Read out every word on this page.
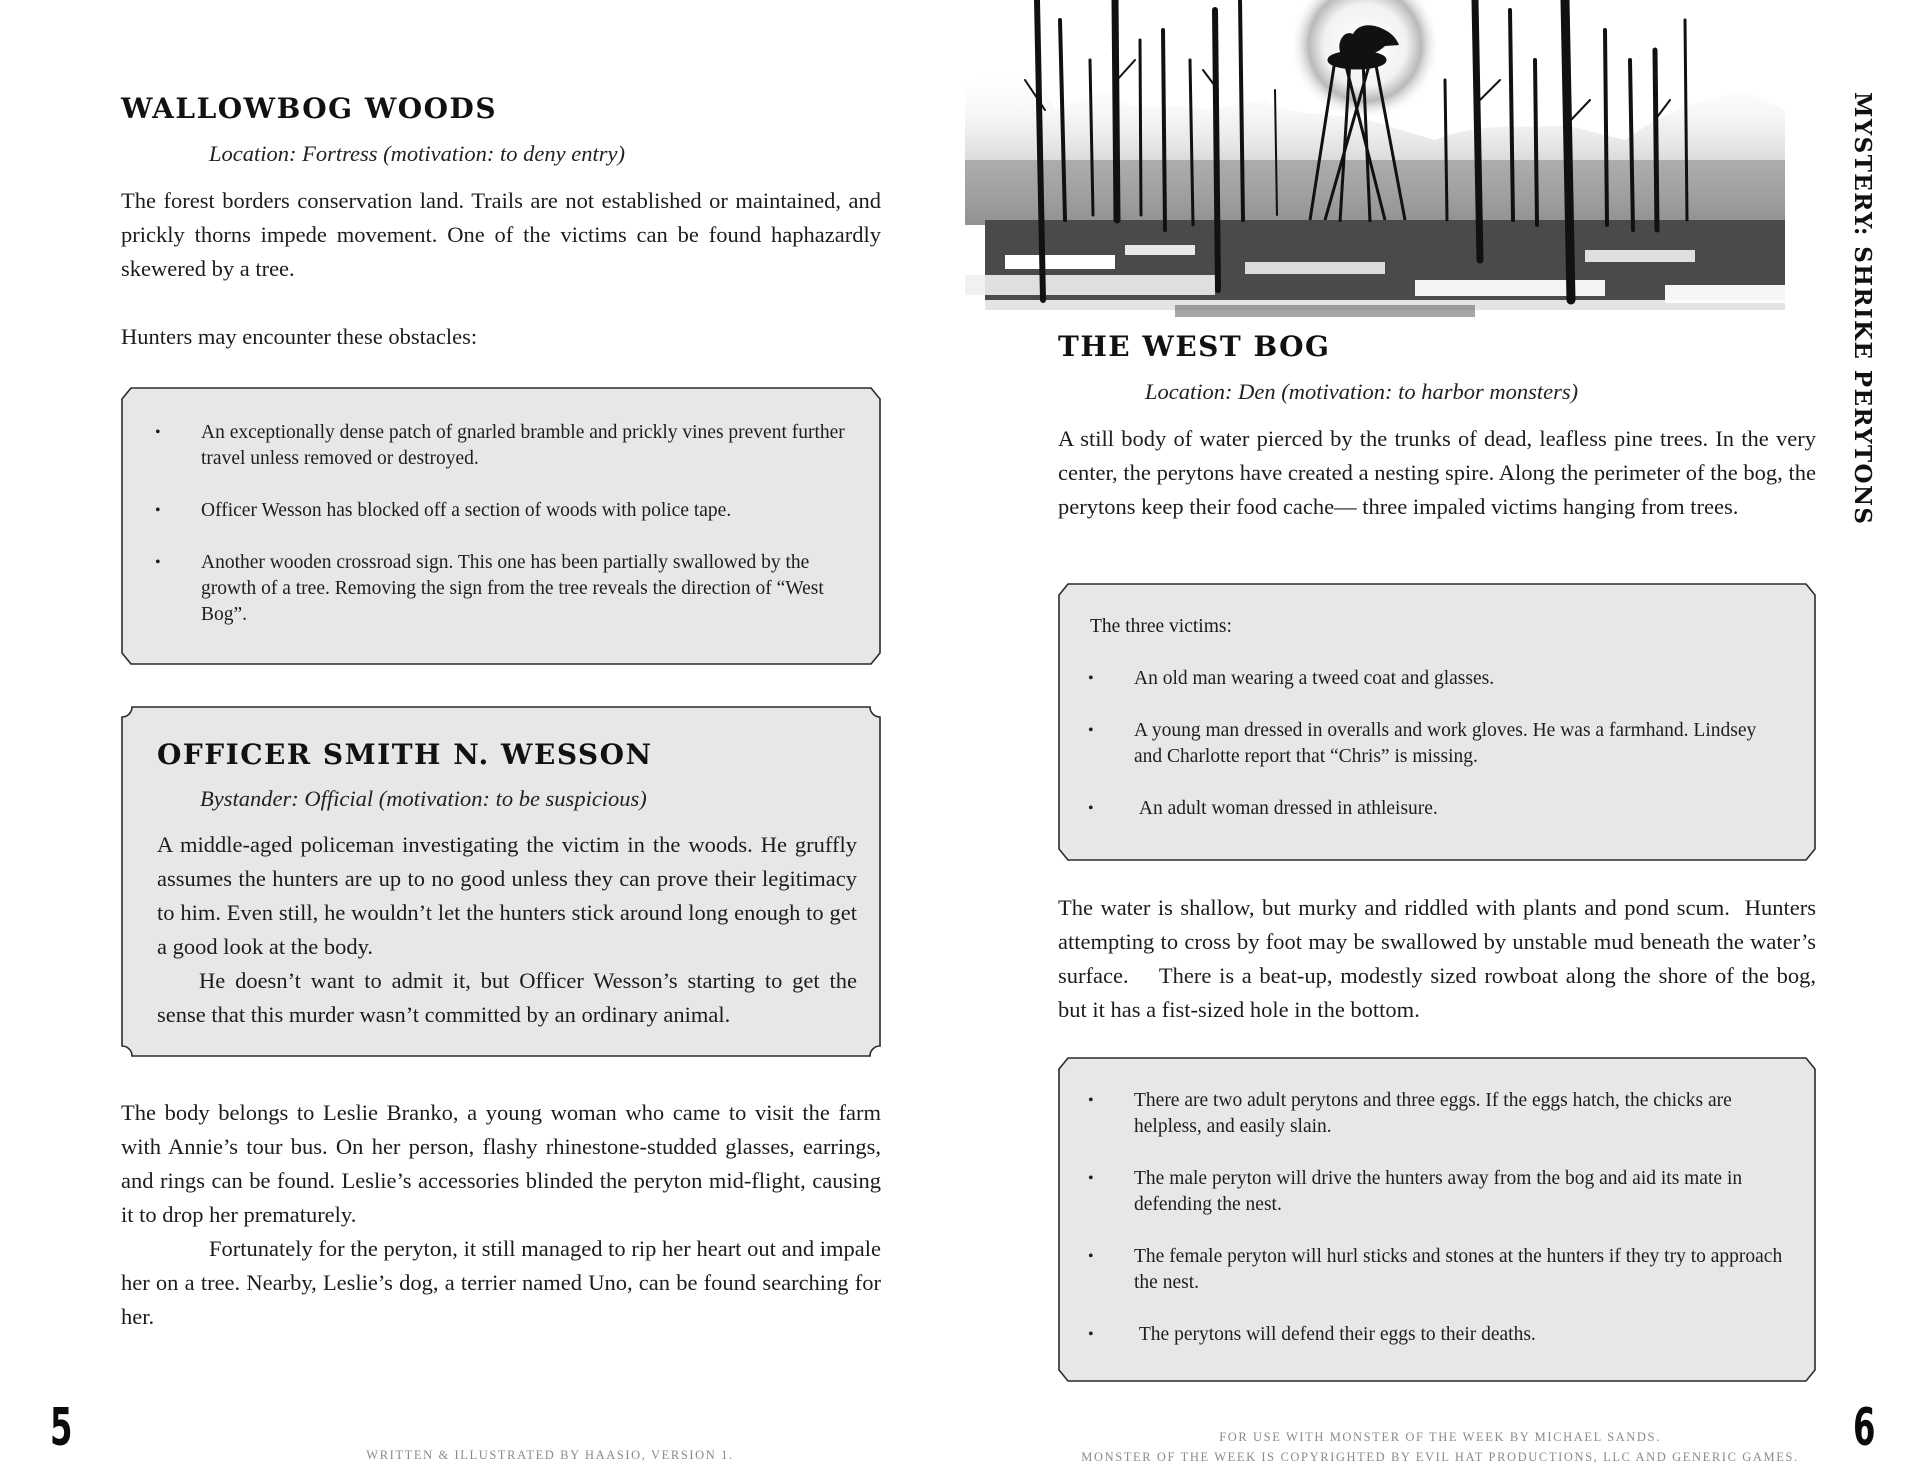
WALLOWBOG WOODS

Location: Fortress (motivation: to deny entry)

The forest borders conservation land. Trails are not established or maintained, and prickly thorns impede movement. One of the victims can be found haphazardly skewered by a tree.

Hunters may encounter these obstacles:

• An exceptionally dense patch of gnarled bramble and prickly vines prevent further travel unless removed or destroyed.
• Officer Wesson has blocked off a section of woods with police tape.
• Another wooden crossroad sign. This one has been partially swallowed by the growth of a tree. Removing the sign from the tree reveals the direction of “West Bog”.
OFFICER SMITH N. WESSON

Bystander: Official (motivation: to be suspicious)

A middle-aged policeman investigating the victim in the woods. He gruffly assumes the hunters are up to no good unless they can prove their legitimacy to him. Even still, he wouldn’t let the hunters stick around long enough to get a good look at the body.
He doesn’t want to admit it, but Officer Wesson’s starting to get the sense that this murder wasn’t committed by an ordinary animal.

The body belongs to Leslie Branko, a young woman who came to visit the farm with Annie’s tour bus. On her person, flashy rhinestone-studded glasses, earrings, and rings can be found. Leslie’s accessories blinded the peryton mid-flight, causing it to drop her prematurely.
Fortunately for the peryton, it still managed to rip her heart out and impale her on a tree. Nearby, Leslie’s dog, a terrier named Uno, can be found searching for her.

5	WRITTEN & ILLUSTRATED BY HAASIO, VERSION 1.
MYSTERY: SHRIKE PERYTONS
THE WEST BOG

Location: Den (motivation: to harbor monsters)

A still body of water pierced by the trunks of dead, leafless pine trees. In the very center, the perytons have created a nesting spire. Along the perimeter of the bog, the perytons keep their food cache— three impaled victims hanging from trees.

The three victims:

• An old man wearing a tweed coat and glasses.
• A young man dressed in overalls and work gloves. He was a farmhand. Lindsey and Charlotte report that “Chris” is missing.
• An adult woman dressed in athleisure.

The water is shallow, but murky and riddled with plants and pond scum.  Hunters attempting to cross by foot may be swallowed by unstable mud beneath the water’s surface.    There is a beat-up, modestly sized rowboat along the shore of the bog, but it has a fist-sized hole in the bottom.

• There are two adult perytons and three eggs. If the eggs hatch, the chicks are helpless, and easily slain.
• The male peryton will drive the hunters away from the bog and aid its mate in defending the nest.
• The female peryton will hurl sticks and stones at the hunters if they try to approach the nest.
• The perytons will defend their eggs to their deaths.
FOR USE WITH MONSTER OF THE WEEK BY MICHAEL SANDS.
MONSTER OF THE WEEK IS COPYRIGHTED BY EVIL HAT PRODUCTIONS, LLC AND GENERIC GAMES.	6
